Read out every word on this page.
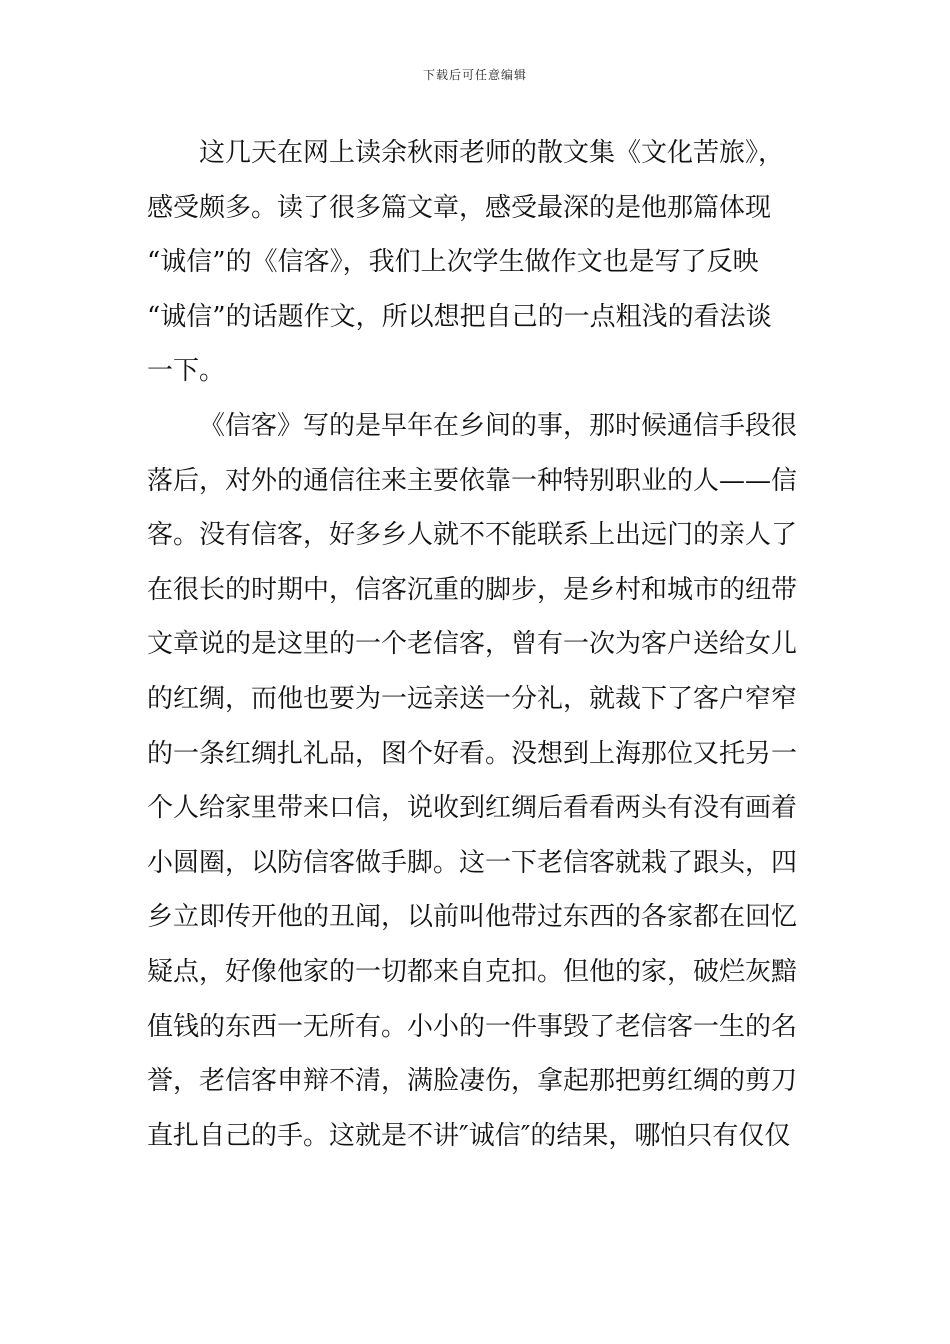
下载后可任意编辑
这几天在网上读余秋雨老师的散文集《文化苦旅》，
感受颇多。读了很多篇文章，感受最深的是他那篇体现
“诚信”的《信客》，我们上次学生做作文也是写了反映
“诚信”的话题作文，所以想把自己的一点粗浅的看法谈
一下。
《信客》写的是早年在乡间的事，那时候通信手段很
落后，对外的通信往来主要依靠一种特别职业的人——信
客。没有信客，好多乡人就不不能联系上出远门的亲人了
在很长的时期中，信客沉重的脚步，是乡村和城市的纽带
文章说的是这里的一个老信客，曾有一次为客户送给女儿
的红绸，而他也要为一远亲送一分礼，就裁下了客户窄窄
的一条红绸扎礼品，图个好看。没想到上海那位又托另一
个人给家里带来口信，说收到红绸后看看两头有没有画着
小圆圈，以防信客做手脚。这一下老信客就栽了跟头，四
乡立即传开他的丑闻，以前叫他带过东西的各家都在回忆
疑点，好像他家的一切都来自克扣。但他的家，破烂灰黯
值钱的东西一无所有。小小的一件事毁了老信客一生的名
誉，老信客申辩不清，满脸凄伤，拿起那把剪红绸的剪刀
直扎自己的手。这就是不讲″诚信″的结果，哪怕只有仅仅
